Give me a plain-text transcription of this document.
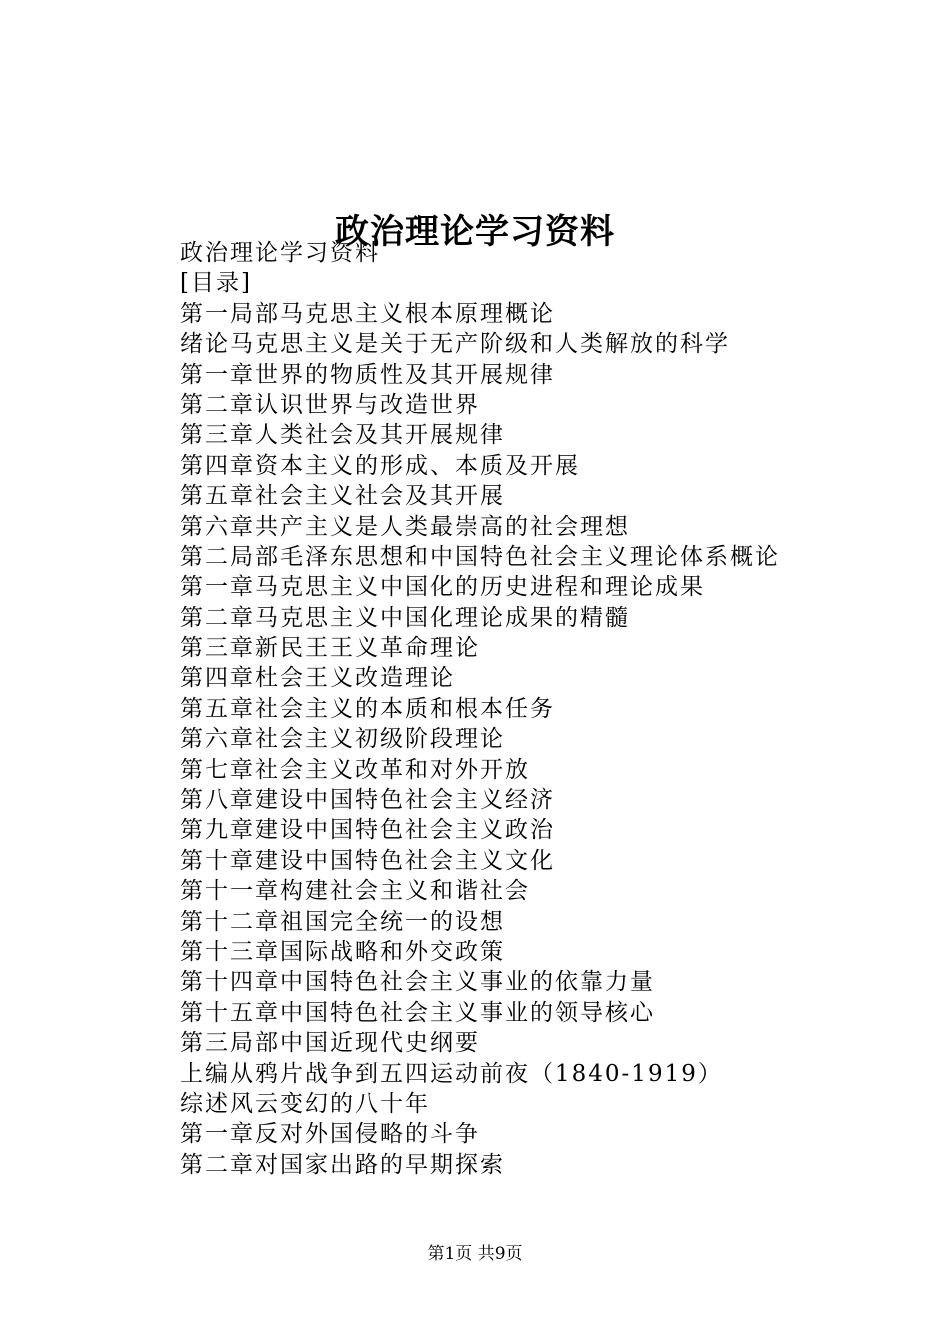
政治理论学习资料
政治理论学习资料
[目录]
第一局部马克思主义根本原理概论
绪论马克思主义是关于无产阶级和人类解放的科学
第一章世界的物质性及其开展规律
第二章认识世界与改造世界
第三章人类社会及其开展规律
第四章资本主义的形成、本质及开展
第五章社会主义社会及其开展
第六章共产主义是人类最崇高的社会理想
第二局部毛泽东思想和中国特色社会主义理论体系概论
第一章马克思主义中国化的历史进程和理论成果
第二章马克思主义中国化理论成果的精髓
第三章新民王王义革命理论
第四章杜会王义改造理论
第五章社会主义的本质和根本任务
第六章社会主义初级阶段理论
第七章社会主义改革和对外开放
第八章建设中国特色社会主义经济
第九章建设中国特色社会主义政治
第十章建设中国特色社会主义文化
第十一章构建社会主义和谐社会
第十二章祖国完全统一的设想
第十三章国际战略和外交政策
第十四章中国特色社会主义事业的依靠力量
第十五章中国特色社会主义事业的领导核心
第三局部中国近现代史纲要
上编从鸦片战争到五四运动前夜（1840-1919）
综述风云变幻的八十年
第一章反对外国侵略的斗争
第二章对国家出路的早期探索
第1页 共9页
